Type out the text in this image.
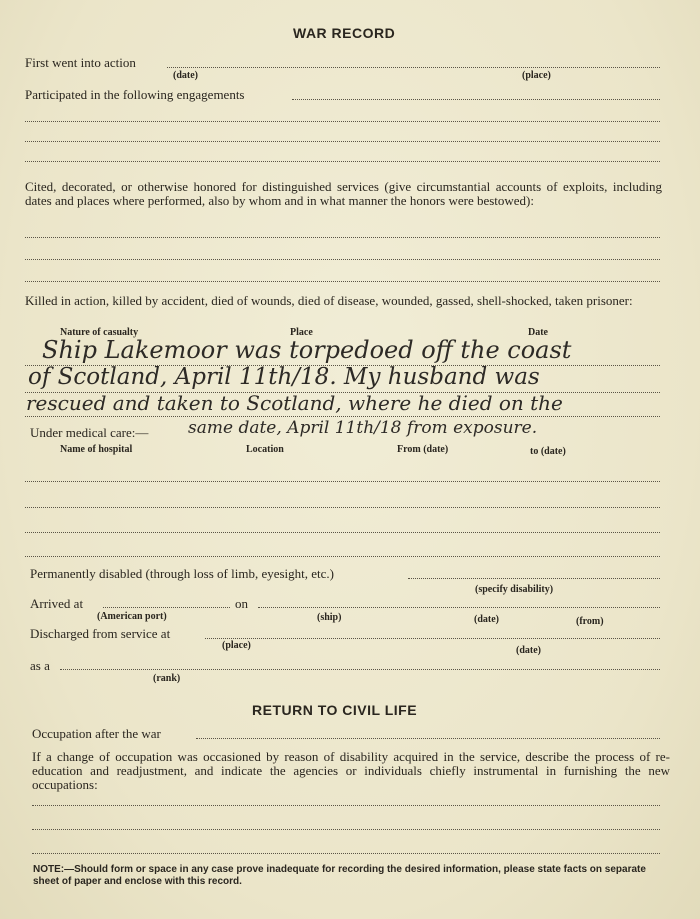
WAR RECORD
First went into action
(date)	(place)
Participated in the following engagements
Cited, decorated, or otherwise honored for distinguished services (give circumstantial accounts of exploits, including dates and places where performed, also by whom and in what manner the honors were bestowed):
Killed in action, killed by accident, died of wounds, died of disease, wounded, gassed, shell-shocked, taken prisoner:
Nature of casualty	Place	Date
Ship Lakemoor was torpedoed off the coast
of Scotland, April 11th/18. My husband was
rescued and taken to Scotland, where he died on the
Under medical care:— same date, April 11th/18 from exposure.
Name of hospital	Location	From (date)	to (date)
Permanently disabled (through loss of limb, eyesight, etc.)
(specify disability)
Arrived at	on
(American port)	(ship)	(date)	(from)
Discharged from service at
(place)	(date)
as a
(rank)
RETURN TO CIVIL LIFE
Occupation after the war
If a change of occupation was occasioned by reason of disability acquired in the service, describe the process of re-education and readjustment, and indicate the agencies or individuals chiefly instrumental in furnishing the new occupations:
NOTE:—Should form or space in any case prove inadequate for recording the desired information, please state facts on separate sheet of paper and enclose with this record.
